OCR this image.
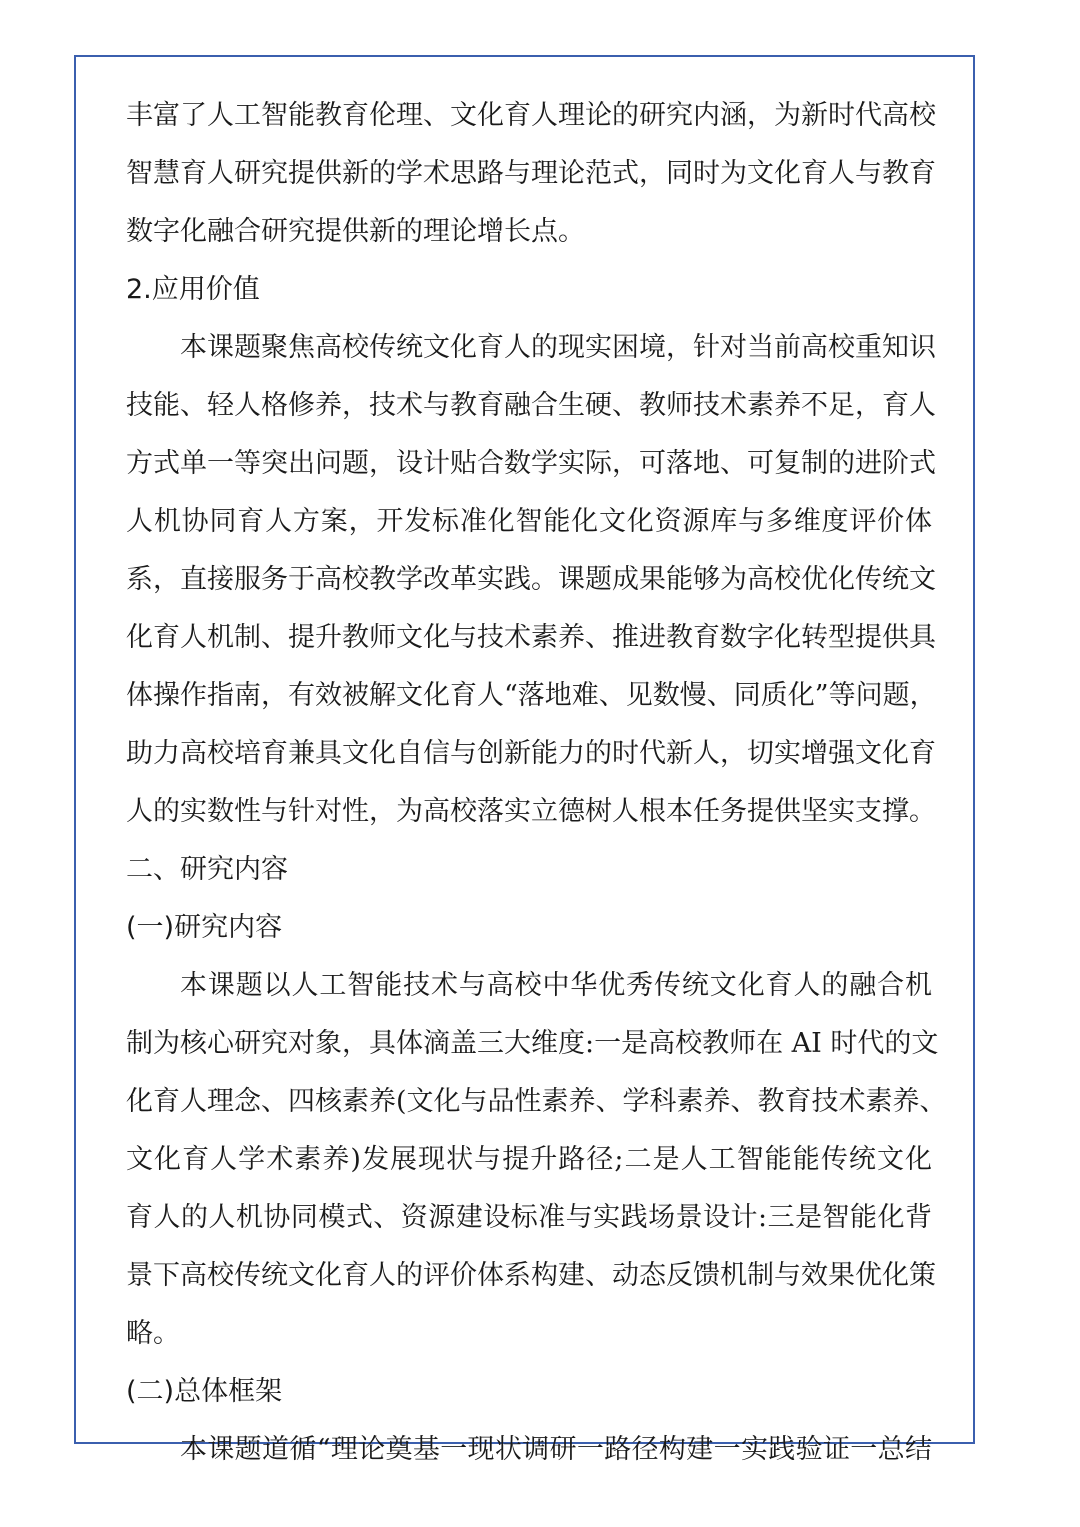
丰富了人工智能教育伦理、文化育人理论的研究内涵，为新时代高校
智慧育人研究提供新的学术思路与理论范式，同时为文化育人与教育
数字化融合研究提供新的理论增长点。
2.应用价值
本课题聚焦高校传统文化育人的现实困境，针对当前高校重知识
技能、轻人格修养，技术与教育融合生硬、教师技术素养不足，育人
方式单一等突出问题，设计贴合数学实际，可落地、可复制的进阶式
人机协同育人方案，开发标准化智能化文化资源库与多维度评价体
系，直接服务于高校教学改革实践。课题成果能够为高校优化传统文
化育人机制、提升教师文化与技术素养、推进教育数字化转型提供具
体操作指南，有效被解文化育人“落地难、见数慢、同质化”等问题，
助力高校培育兼具文化自信与创新能力的时代新人，切实增强文化育
人的实数性与针对性，为高校落实立德树人根本任务提供坚实支撑。
二、研究内容
(一)研究内容
本课题以人工智能技术与高校中华优秀传统文化育人的融合机
制为核心研究对象，具体滴盖三大维度:一是高校教师在 AI 时代的文
化育人理念、四核素养(文化与品性素养、学科素养、教育技术素养、
文化育人学术素养)发展现状与提升路径;二是人工智能能传统文化
育人的人机协同模式、资源建设标准与实践场景设计:三是智能化背
景下高校传统文化育人的评价体系构建、动态反馈机制与效果优化策
略。
(二)总体框架
本课题道循“理论奠基一现状调研一路径构建一实践验证一总结
